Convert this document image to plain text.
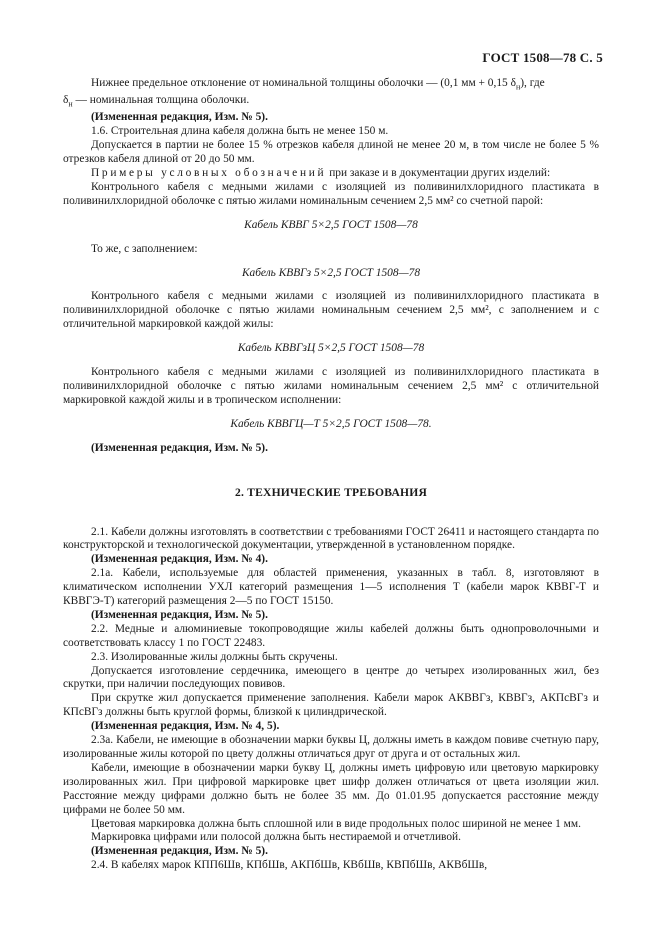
ГОСТ 1508—78 С. 5

Нижнее предельное отклонение от номинальной толщины оболочки — (0,1 мм + 0,15 $\delta_н$), где

$\delta_н$ — номинальная толщина оболочки.

(Измененная редакция, Изм. № 5).

1.6. Строительная длина кабеля должна быть не менее 150 м.

Допускается в партии не более 15 % отрезков кабеля длиной не менее 20 м, в том числе не более 5 % отрезков кабеля длиной от 20 до 50 мм.

Примеры условных обозначений при заказе и в документации других изделий:

Контрольного кабеля с медными жилами с изоляцией из поливинилхлоридного пластиката в поливинилхлоридной оболочке с пятью жилами номинальным сечением 2,5 мм² со счетной парой:

Кабель КВВГ 5×2,5 ГОСТ 1508—78

То же, с заполнением:

Кабель КВВГз 5×2,5 ГОСТ 1508—78

Контрольного кабеля с медными жилами с изоляцией из поливинилхлоридного пластиката в поливинилхлоридной оболочке с пятью жилами номинальным сечением 2,5 мм², с заполнением и с отличительной маркировкой каждой жилы:

Кабель КВВГзЦ 5×2,5 ГОСТ 1508—78

Контрольного кабеля с медными жилами с изоляцией из поливинилхлоридного пластиката в поливинилхлоридной оболочке с пятью жилами номинальным сечением 2,5 мм² с отличительной маркировкой каждой жилы и в тропическом исполнении:

Кабель КВВГЦ—Т 5×2,5 ГОСТ 1508—78.

(Измененная редакция, Изм. № 5).

2. ТЕХНИЧЕСКИЕ ТРЕБОВАНИЯ

2.1. Кабели должны изготовлять в соответствии с требованиями ГОСТ 26411 и настоящего стандарта по конструкторской и технологической документации, утвержденной в установленном порядке.

(Измененная редакция, Изм. № 4).

2.1а. Кабели, используемые для областей применения, указанных в табл. 8, изготовляют в климатическом исполнении УХЛ категорий размещения 1—5 исполнения Т (кабели марок КВВГ-Т и КВВГЭ-Т) категорий размещения 2—5 по ГОСТ 15150.

(Измененная редакция, Изм. № 5).

2.2. Медные и алюминиевые токопроводящие жилы кабелей должны быть однопроволочными и соответствовать классу 1 по ГОСТ 22483.

2.3. Изолированные жилы должны быть скручены.

Допускается изготовление сердечника, имеющего в центре до четырех изолированных жил, без скрутки, при наличии последующих повивов.

При скрутке жил допускается применение заполнения. Кабели марок АКВВГз, КВВГз, АКПсВГз и КПсВГз должны быть круглой формы, близкой к цилиндрической.

(Измененная редакция, Изм. № 4, 5).

2.3а. Кабели, не имеющие в обозначении марки буквы Ц, должны иметь в каждом повиве счетную пару, изолированные жилы которой по цвету должны отличаться друг от друга и от остальных жил.

Кабели, имеющие в обозначении марки букву Ц, должны иметь цифровую или цветовую маркировку изолированных жил. При цифровой маркировке цвет шифр должен отличаться от цвета изоляции жил. Расстояние между цифрами должно быть не более 35 мм. До 01.01.95 допускается расстояние между цифрами не более 50 мм.

Цветовая маркировка должна быть сплошной или в виде продольных полос шириной не менее 1 мм.

Маркировка цифрами или полосой должна быть нестираемой и отчетливой.

(Измененная редакция, Изм. № 5).

2.4. В кабелях марок КПП6Шв, КПбШв, АКПбШв, КВбШв, КВПбШв, АКВбШв,
